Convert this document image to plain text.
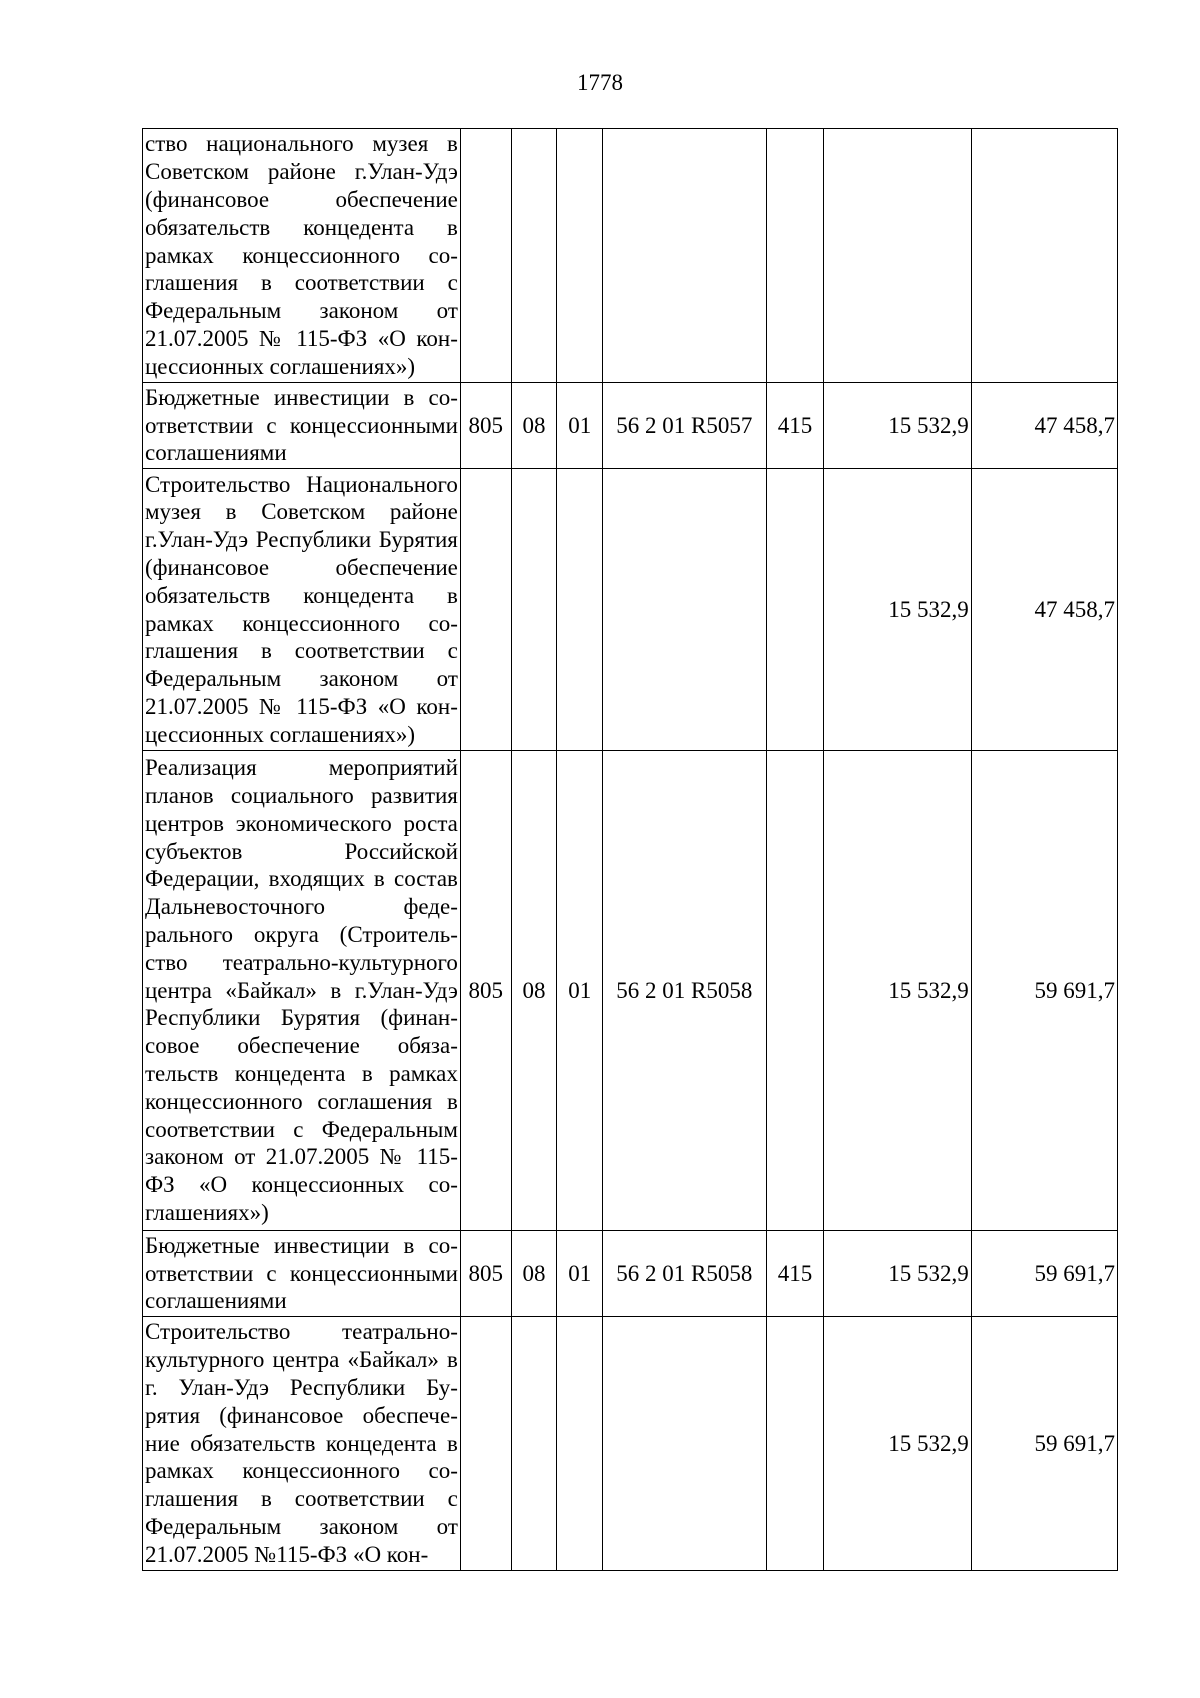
1778
ство национального музея в Советском районе г.Улан-Удэ (финансовое обеспечение обязательств концедента в рамках концессионного соглашения в соответствии с Федеральным законом от 21.07.2005 № 115-ФЗ «О концессионных соглашениях»)							
Бюджетные инвестиции в соответствии с концессионными соглашениями	805	08	01	56 2 01 R5057	415	15 532,9	47 458,7
Строительство Национального музея в Советском районе г.Улан-Удэ Республики Бурятия (финансовое обеспечение обязательств концедента в рамках концессионного соглашения в соответствии с Федеральным законом от 21.07.2005 № 115-ФЗ «О концессионных соглашениях»)						15 532,9	47 458,7
Реализация мероприятий планов социального развития центров экономического роста субъектов Российской Федерации, входящих в состав Дальневосточного федерального округа (Строительство театрально-культурного центра «Байкал» в г.Улан-Удэ Республики Бурятия (финансовое обеспечение обязательств концедента в рамках концессионного соглашения в соответствии с Федеральным законом от 21.07.2005 № 115-ФЗ «О концессионных соглашениях»)	805	08	01	56 2 01 R5058		15 532,9	59 691,7
Бюджетные инвестиции в соответствии с концессионными соглашениями	805	08	01	56 2 01 R5058	415	15 532,9	59 691,7
Строительство театрально-культурного центра «Байкал» в г. Улан-Удэ Республики Бурятия (финансовое обеспечение обязательств концедента в рамках концессионного соглашения в соответствии с Федеральным законом от 21.07.2005 №115-ФЗ «О кон-						15 532,9	59 691,7
